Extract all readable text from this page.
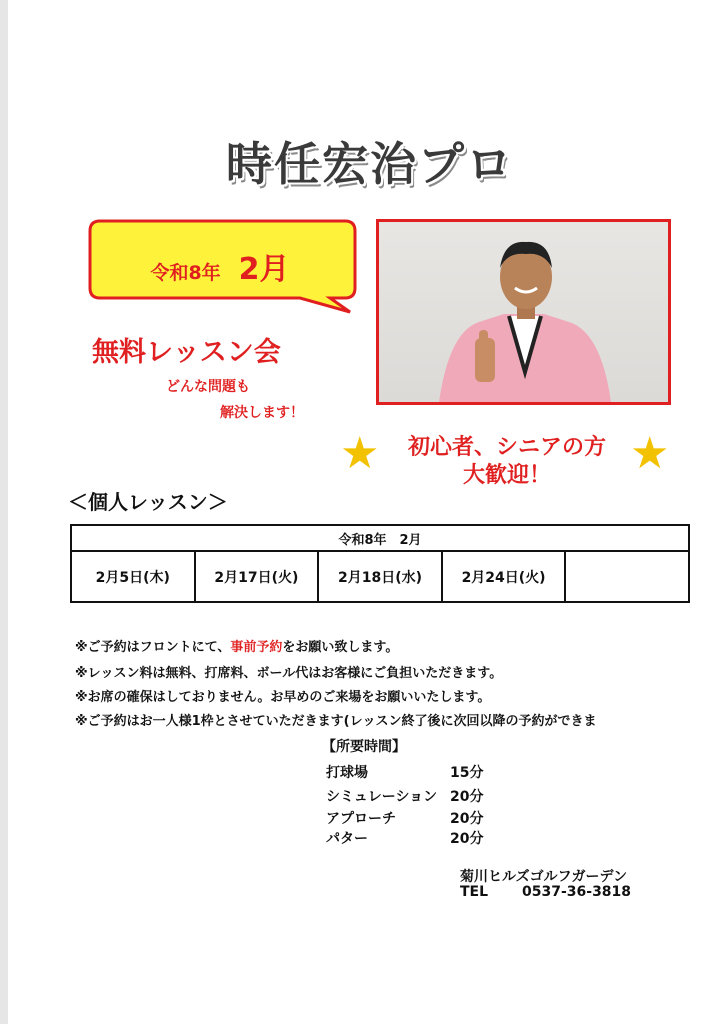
時任宏治プロ
令和8年 2月
無料レッスン会
どんな問題も
解決します！
★	★
初心者、シニアの方
大歓迎！
＜個人レッスン＞
令和8年　2月
2月5日(木)	2月17日(火)	2月18日(水)	2月24日(火)	
※ご予約はフロントにて、事前予約をお願い致します。
※レッスン料は無料、打席料、ボール代はお客様にご負担いただきます。
※お席の確保はしておりません。お早めのご来場をお願いいたします。
※ご予約はお一人様1枠とさせていただきます(レッスン終了後に次回以降の予約ができま
【所要時間】
打球場	15分
シミュレーション 20分
アプローチ	20分
パター	20分
菊川ヒルズゴルフガーデン
TEL 0537-36-3818
